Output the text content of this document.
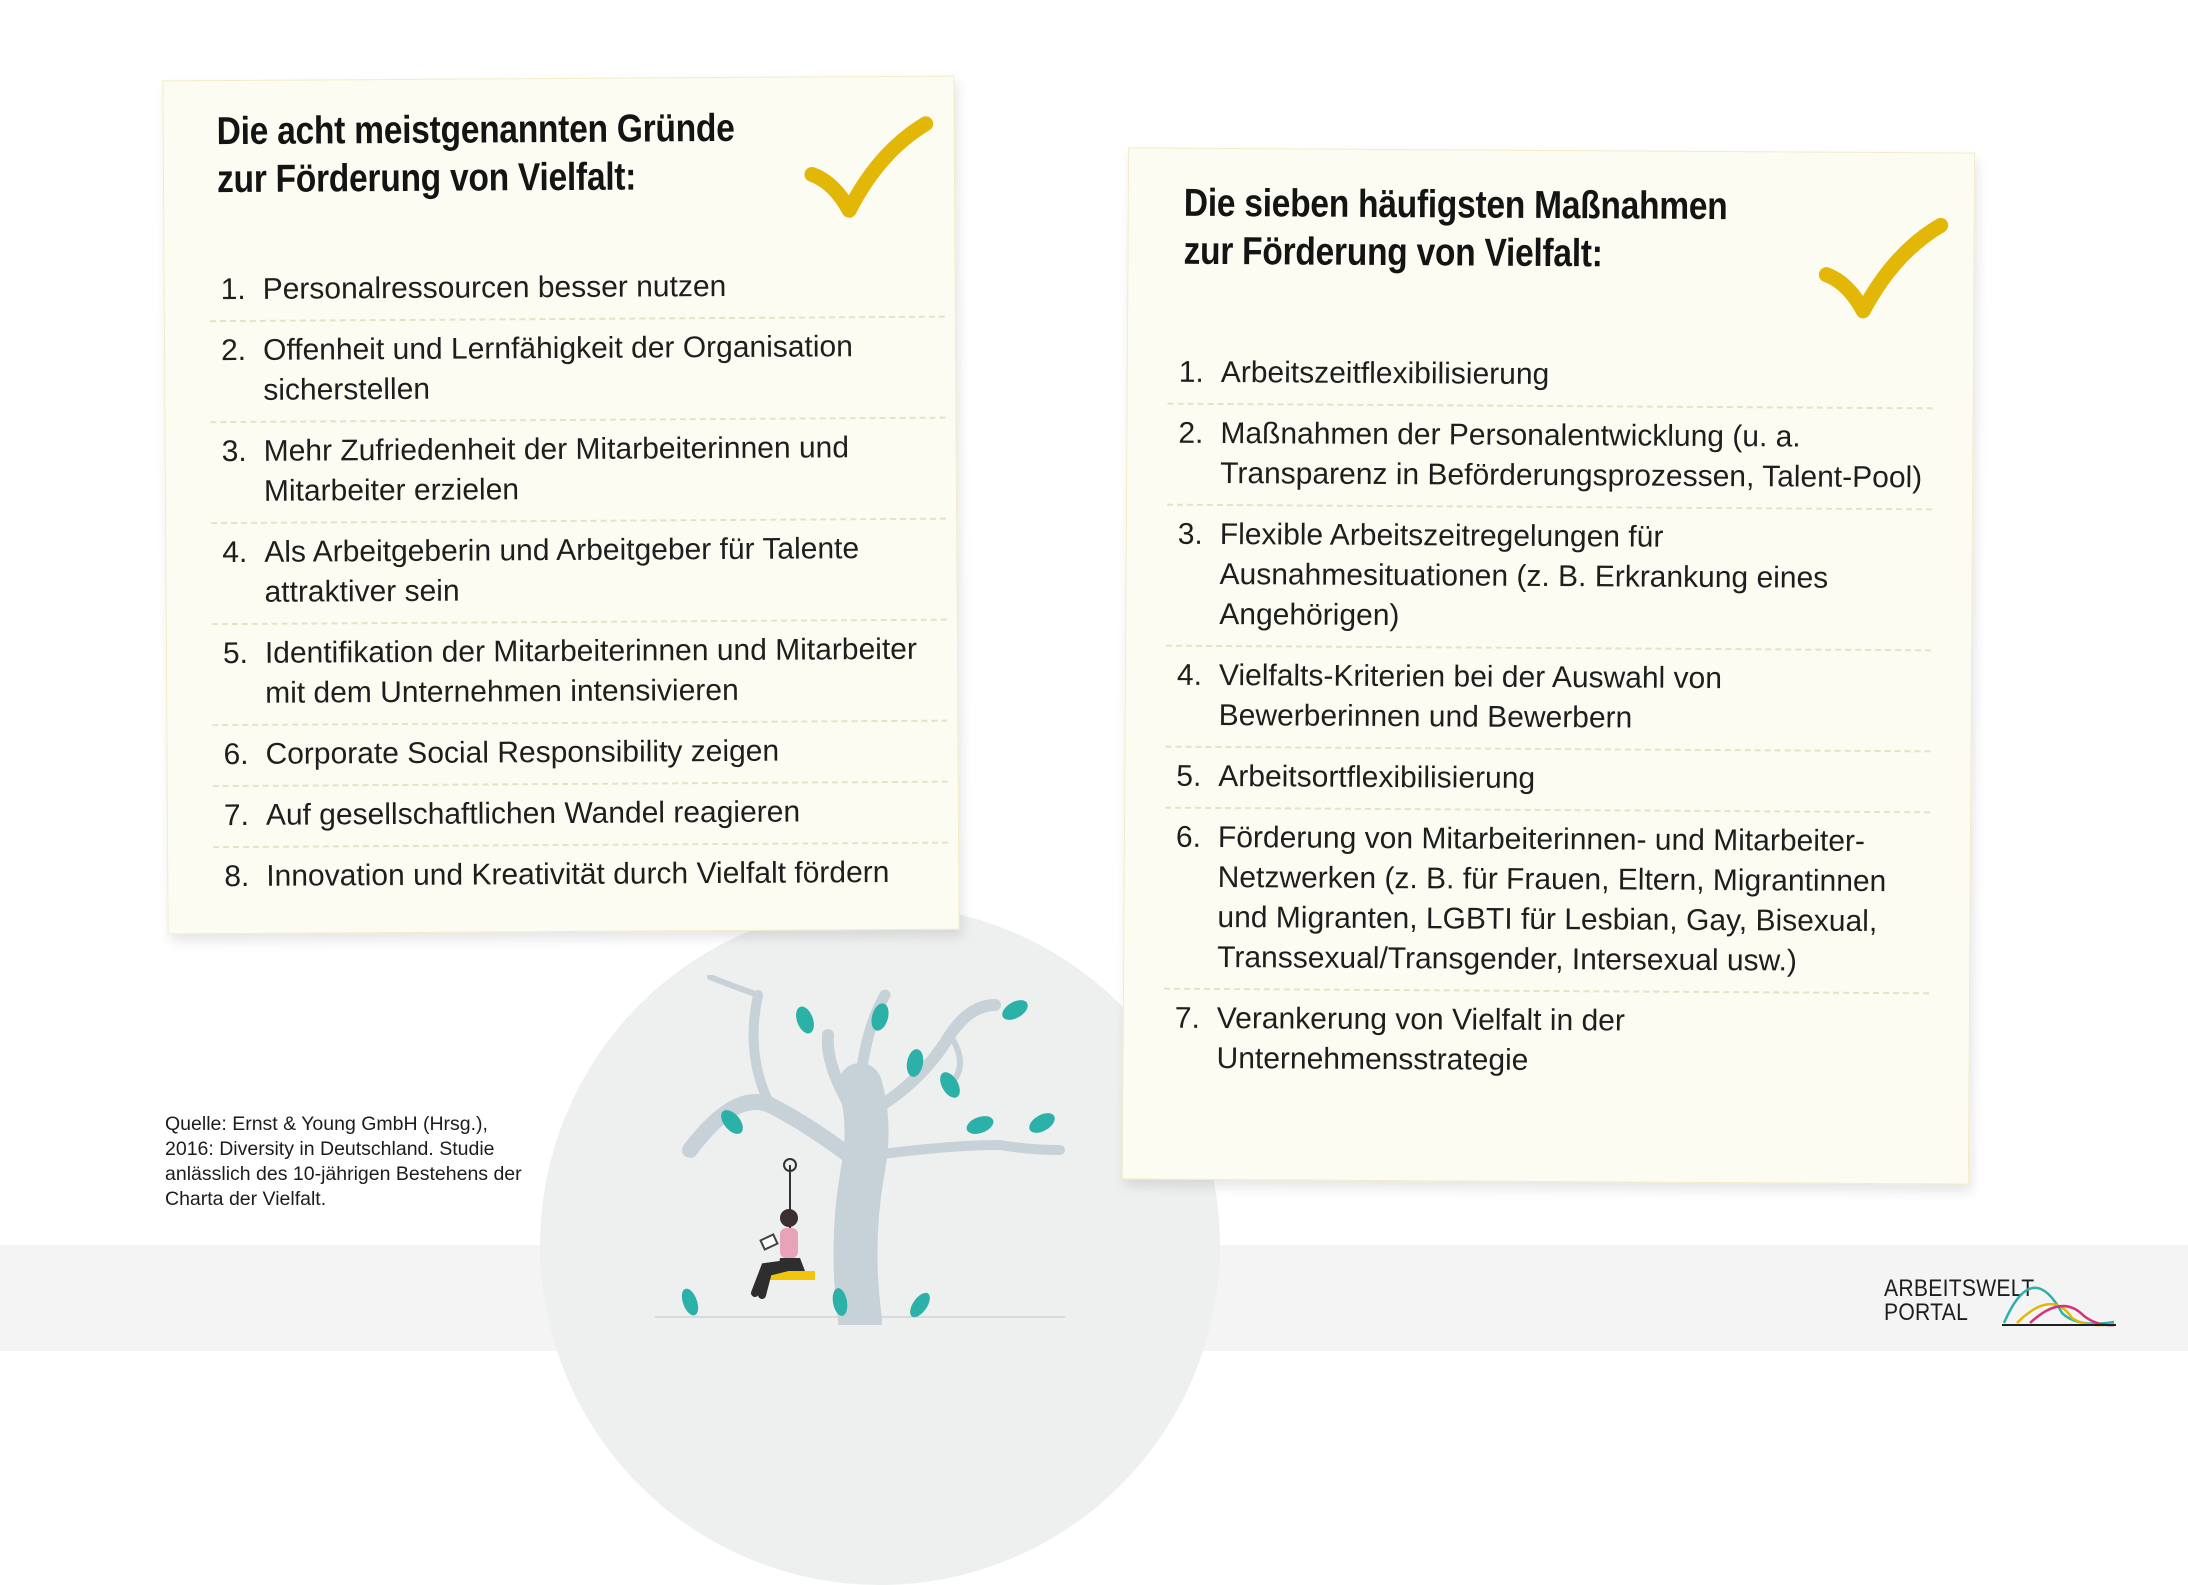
Die acht meistgenannten Gründe
zur Förderung von Vielfalt:
1. Personalressourcen besser nutzen
2. Offenheit und Lernfähigkeit der Organisation sicherstellen
3. Mehr Zufriedenheit der Mitarbeiterinnen und Mitarbeiter erzielen
4. Als Arbeitgeberin und Arbeitgeber für Talente attraktiver sein
5. Identifikation der Mitarbeiterinnen und Mitarbeiter mit dem Unternehmen intensivieren
6. Corporate Social Responsibility zeigen
7. Auf gesellschaftlichen Wandel reagieren
8. Innovation und Kreativität durch Vielfalt fördern
Die sieben häufigsten Maßnahmen
zur Förderung von Vielfalt:
1. Arbeitszeitflexibilisierung
2. Maßnahmen der Personalentwicklung (u. a. Transparenz in Beförderungsprozessen, Talent-Pool)
3. Flexible Arbeitszeitregelungen für Ausnahmesituationen (z. B. Erkrankung eines Angehörigen)
4. Vielfalts-Kriterien bei der Auswahl von Bewerberinnen und Bewerbern
5. Arbeitsortflexibilisierung
6. Förderung von Mitarbeiterinnen- und Mitarbeiter-Netzwerken (z. B. für Frauen, Eltern, Migrantinnen und Migranten, LGBTI für Lesbian, Gay, Bisexual, Transsexual/Transgender, Intersexual usw.)
7. Verankerung von Vielfalt in der Unternehmensstrategie
Quelle: Ernst & Young GmbH (Hrsg.), 2016: Diversity in Deutschland. Studie anlässlich des 10-jährigen Bestehens der Charta der Vielfalt.
ARBEITSWELT
PORTAL
